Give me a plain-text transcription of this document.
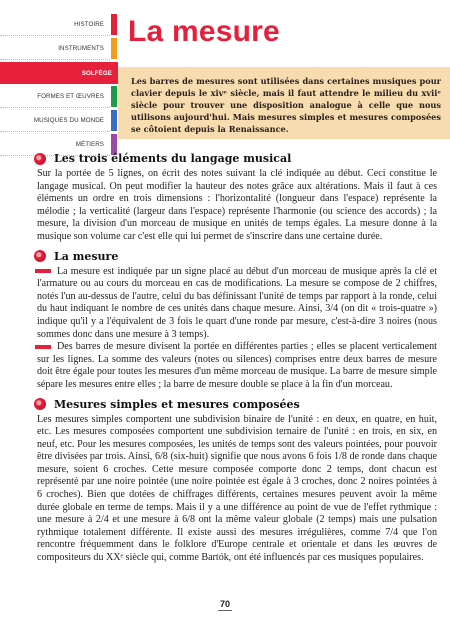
HISTOIRE
INSTRUMENTS
SOLFÈGE
FORMES ET ŒUVRES
MUSIQUES DU MONDE
MÉTIERS
La mesure
Les barres de mesures sont utilisées dans certaines musiques pour clavier depuis le xivᵉ siècle, mais il faut attendre le milieu du xviiᵉ siècle pour trouver une disposition analogue à celle que nous utilisons aujourd'hui. Mais mesures simples et mesures composées se côtoient depuis la Renaissance.
Les trois éléments du langage musical

Sur la portée de 5 lignes, on écrit des notes suivant la clé indiquée au début. Ceci constitue le langage musical. On peut modifier la hauteur des notes grâce aux altérations. Mais il faut à ces éléments un ordre en trois dimensions : l'horizontalité (longueur dans l'espace) représente la mélodie ; la verticalité (largeur dans l'espace) représente l'harmonie (ou science des accords) ; la mesure, la division d'un morceau de musique en unités de temps égales. La mesure donne à la musique son volume car c'est elle qui lui permet de s'inscrire dans une certaine durée.

La mesure

La mesure est indiquée par un signe placé au début d'un morceau de musique après la clé et l'armature ou au cours du morceau en cas de modifications. La mesure se compose de 2 chiffres, notés l'un au-dessus de l'autre, celui du bas définissant l'unité de temps par rapport à la ronde, celui du haut indiquant le nombre de ces unités dans chaque mesure. Ainsi, 3/4 (on dit « trois-quatre ») indique qu'il y a l'équivalent de 3 fois le quart d'une ronde par mesure, c'est-à-dire 3 noires (nous sommes donc dans une mesure à 3 temps).

Des barres de mesure divisent la portée en différentes parties ; elles se placent verticalement sur les lignes. La somme des valeurs (notes ou silences) comprises entre deux barres de mesure doit être égale pour toutes les mesures d'un même morceau de musique. La barre de mesure simple sépare les mesures entre elles ; la barre de mesure double se place à la fin d'un morceau.

Mesures simples et mesures composées

Les mesures simples comportent une subdivision binaire de l'unité : en deux, en quatre, en huit, etc. Les mesures composées comportent une subdivision ternaire de l'unité : en trois, en six, en neuf, etc. Pour les mesures composées, les unités de temps sont des valeurs pointées, pour pouvoir être divisées par trois. Ainsi, 6/8 (six-huit) signifie que nous avons 6 fois 1/8 de ronde dans chaque mesure, soient 6 croches. Cette mesure composée comporte donc 2 temps, dont chacun est représenté par une noire pointée (une noire pointée est égale à 3 croches, donc 2 noires pointées à 6 croches). Bien que dotées de chiffrages différents, certaines mesures peuvent avoir la même durée globale en terme de temps. Mais il y a une différence au point de vue de l'effet rythmique : une mesure à 2/4 et une mesure à 6/8 ont la même valeur globale (2 temps) mais une pulsation rythmique totalement différente. Il existe aussi des mesures irrégulières, comme 7/4 que l'on rencontre fréquemment dans le folklore d'Europe centrale et orientale et dans les œuvres de compositeurs du XXᵉ siècle qui, comme Bartók, ont été influencés par ces musiques populaires.

70
